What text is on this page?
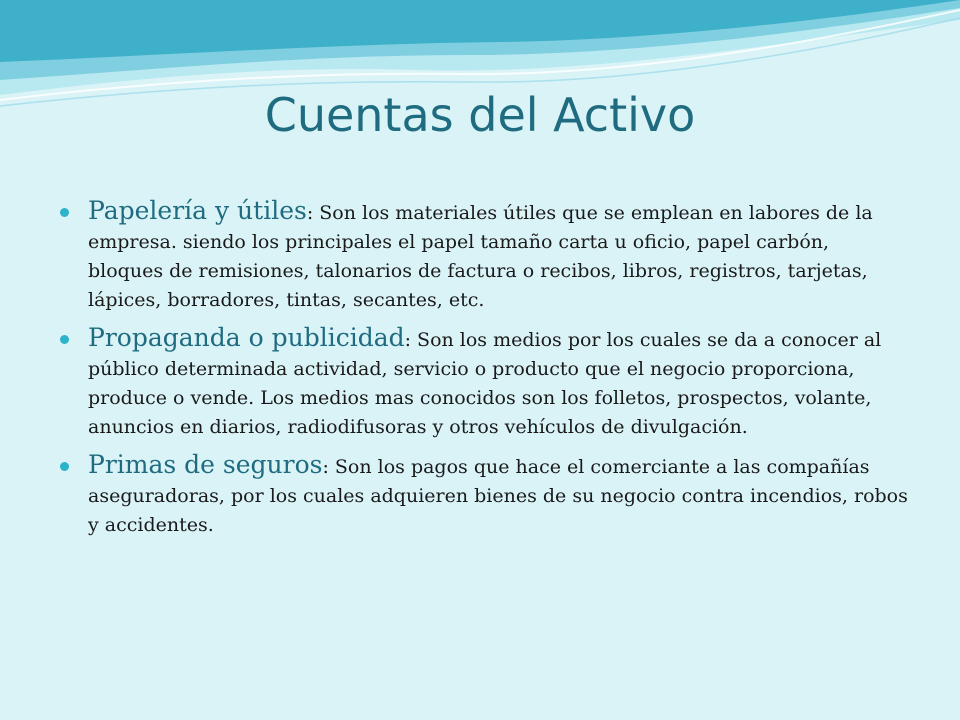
Cuentas del Activo
Papelería y útiles: Son los materiales útiles que se emplean en labores de la empresa. siendo los principales el papel tamaño carta u oficio, papel carbón, bloques de remisiones, talonarios de factura o recibos, libros, registros, tarjetas, lápices, borradores, tintas, secantes, etc.
Propaganda o publicidad: Son los medios por los cuales se da a conocer al público determinada actividad, servicio o producto que el negocio proporciona, produce o vende. Los medios mas conocidos son los folletos, prospectos, volante, anuncios en diarios, radiodifusoras y otros vehículos de divulgación.
Primas de seguros: Son los pagos que hace el comerciante a las compañías aseguradoras, por los cuales adquieren bienes de su negocio contra incendios, robos y accidentes.
